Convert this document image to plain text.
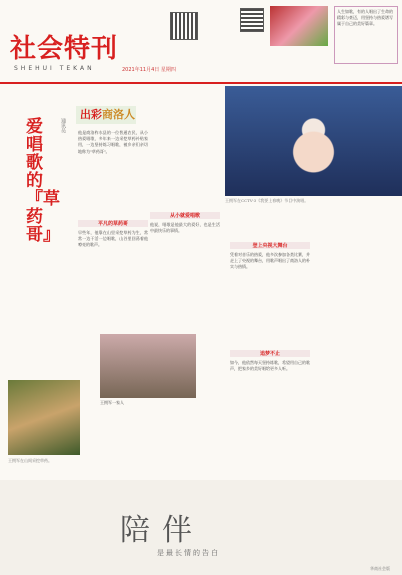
社会特刊
SHEHUI TEKAN	2021年11月4日 星期四
人生如歌，有的人唱出了生命的精彩与豪迈，用坚持与热爱谱写属于自己的美好篇章。
出彩商洛人
爱唱歌的『草药哥』
通讯员
王拥军在CCTV-3《我要上春晚》节目中演唱。
他是商洛柞水县的一位普通农民，从小热爱唱歌，多年来一边采挖草药补贴家用，一边坚持练习唱歌，被乡亲们亲切地称为"草药哥"。
平凡的草药哥
早些年，他靠在山里采挖草药为生，常常一边干活一边唱歌，山谷里回荡着他嘹亮的歌声。
从小就爱唱歌
他说，唱歌是他最大的爱好，也是生活中最快乐的事情。
王拥军一家人
登上央视大舞台
凭着对音乐的热爱，他多次参加各类比赛，并走上了央视的舞台，用歌声唱出了商洛人的朴实与热情。
追梦不止
如今，他依然每天坚持练歌，希望用自己的歌声，把家乡的美好唱给更多人听。
王拥军在山间采挖草药。
陪伴
是最长情的告白
华商社会版
